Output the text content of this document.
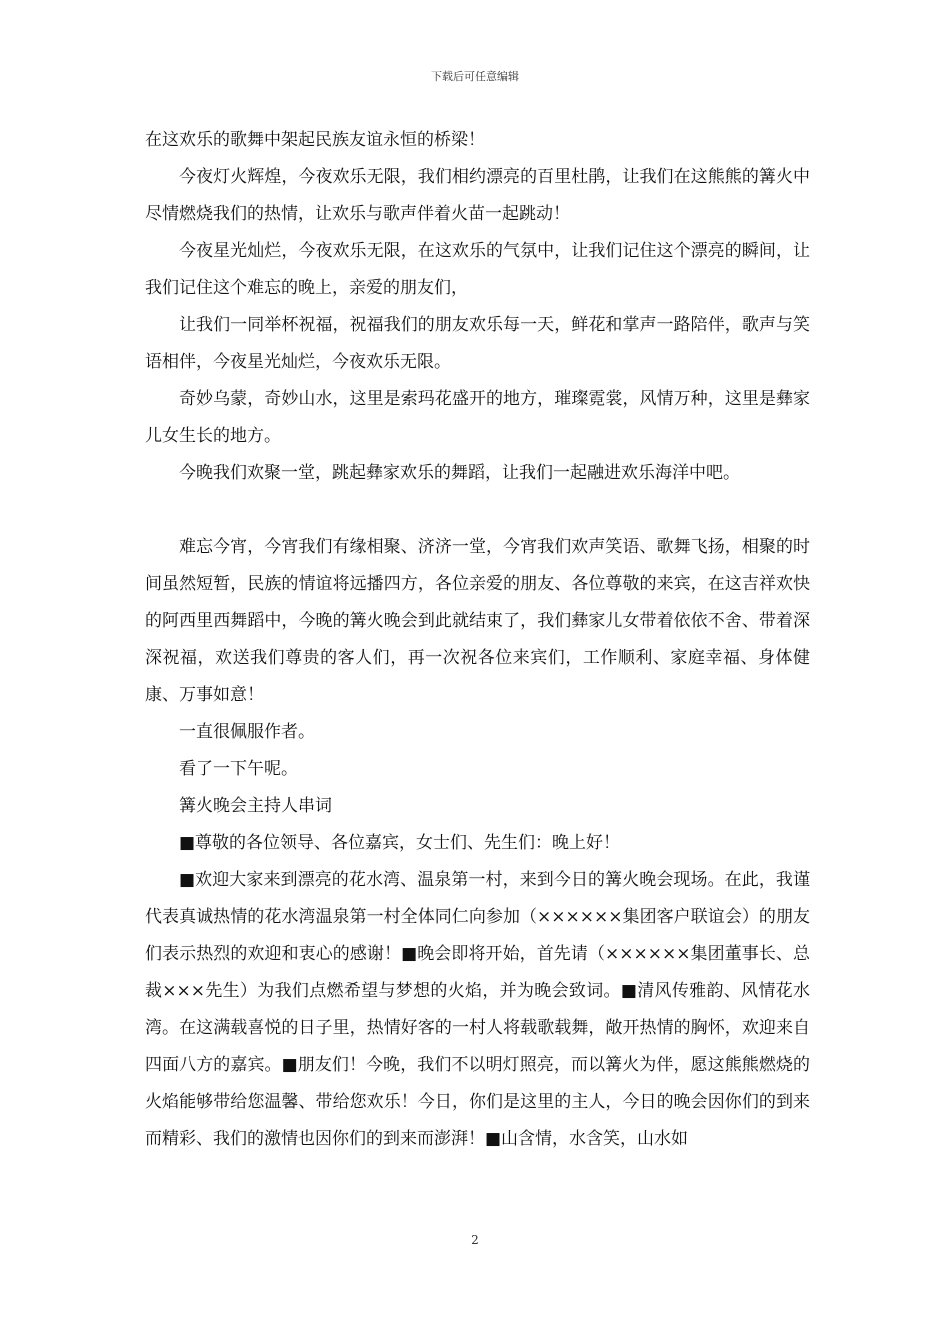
下载后可任意编辑

在这欢乐的歌舞中架起民族友谊永恒的桥梁！

今夜灯火辉煌，今夜欢乐无限，我们相约漂亮的百里杜鹃，让我们在这熊熊的篝火中尽情燃烧我们的热情，让欢乐与歌声伴着火苗一起跳动！

今夜星光灿烂，今夜欢乐无限，在这欢乐的气氛中，让我们记住这个漂亮的瞬间，让我们记住这个难忘的晚上，亲爱的朋友们，

让我们一同举杯祝福，祝福我们的朋友欢乐每一天，鲜花和掌声一路陪伴，歌声与笑语相伴，今夜星光灿烂，今夜欢乐无限。

奇妙乌蒙，奇妙山水，这里是索玛花盛开的地方，璀璨霓裳，风情万种，这里是彝家儿女生长的地方。

今晚我们欢聚一堂，跳起彝家欢乐的舞蹈，让我们一起融进欢乐海洋中吧。

难忘今宵，今宵我们有缘相聚、济济一堂，今宵我们欢声笑语、歌舞飞扬，相聚的时间虽然短暂，民族的情谊将远播四方，各位亲爱的朋友、各位尊敬的来宾，在这吉祥欢快的阿西里西舞蹈中，今晚的篝火晚会到此就结束了，我们彝家儿女带着依依不舍、带着深深祝福，欢送我们尊贵的客人们，再一次祝各位来宾们，工作顺利、家庭幸福、身体健康、万事如意！

一直很佩服作者。

看了一下午呢。

篝火晚会主持人串词

■尊敬的各位领导、各位嘉宾，女士们、先生们：晚上好！

■欢迎大家来到漂亮的花水湾、温泉第一村，来到今日的篝火晚会现场。在此，我谨代表真诚热情的花水湾温泉第一村全体同仁向参加（××××××集团客户联谊会）的朋友们表示热烈的欢迎和衷心的感谢！■晚会即将开始，首先请（××××××集团董事长、总裁×××先生）为我们点燃希望与梦想的火焰，并为晚会致词。■清风传雅韵、风情花水湾。在这满载喜悦的日子里，热情好客的一村人将载歌载舞，敞开热情的胸怀，欢迎来自四面八方的嘉宾。■朋友们！今晚，我们不以明灯照亮，而以篝火为伴，愿这熊熊燃烧的火焰能够带给您温馨、带给您欢乐！今日，你们是这里的主人，今日的晚会因你们的到来而精彩、我们的激情也因你们的到来而澎湃！■山含情，水含笑，山水如

2
